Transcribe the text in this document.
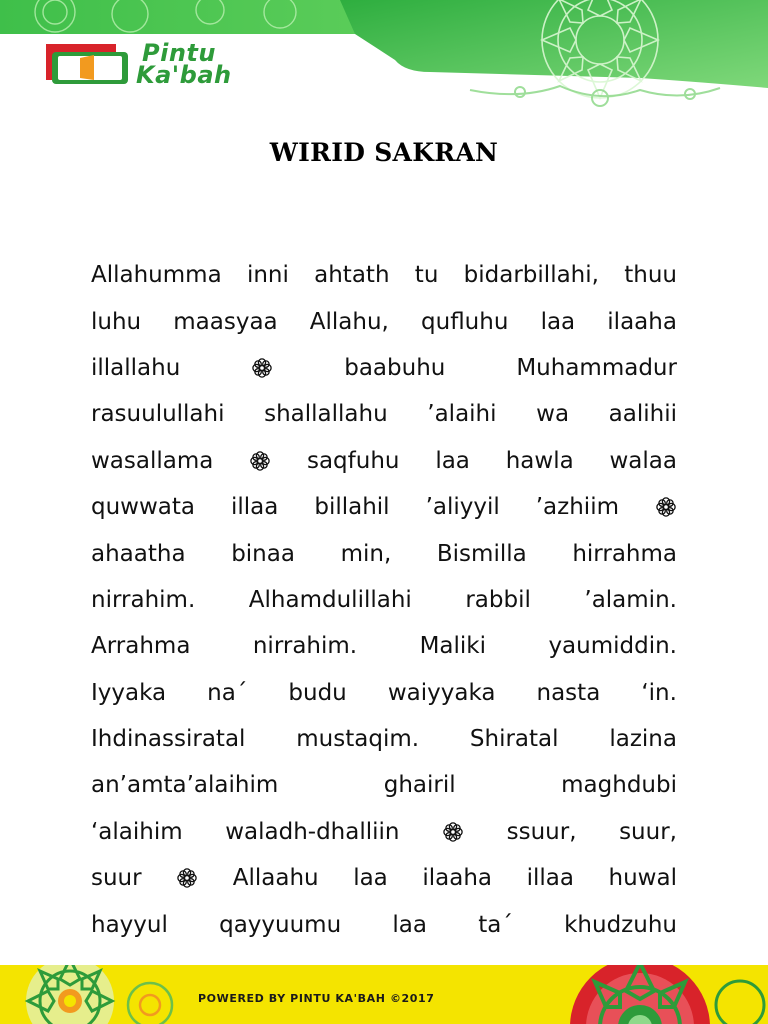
Pintu
Ka'bah
WIRID SAKRAN
Allahumma inni ahtath tu bidarbillahi, thuu
luhu maasyaa Allahu, qufluhu laa ilaaha
illallahu	baabuhu	Muhammadur
rasuulullahi shallallahu ’alaihi wa aalihii
wasallama	saqfuhu laa hawla walaa
quwwata illaa billahil ’aliyyil ’azhiim
ahaatha binaa min, Bismilla hirrahma
nirrahim. Alhamdulillahi rabbil ’alamin.
Arrahma	nirrahim.	Maliki	yaumiddin.
Iyyaka na´ budu waiyyaka nasta ‘in.
Ihdinassiratal mustaqim. Shiratal lazina
an’amta’alaihim	ghairil	maghdubi
‘alaihim waladh-dhalliin	ssuur, suur,
suur	Allaahu laa ilaaha illaa huwal
hayyul qayyuumu laa ta´ khudzuhu
POWERED BY PINTU KA'BAH ©2017
